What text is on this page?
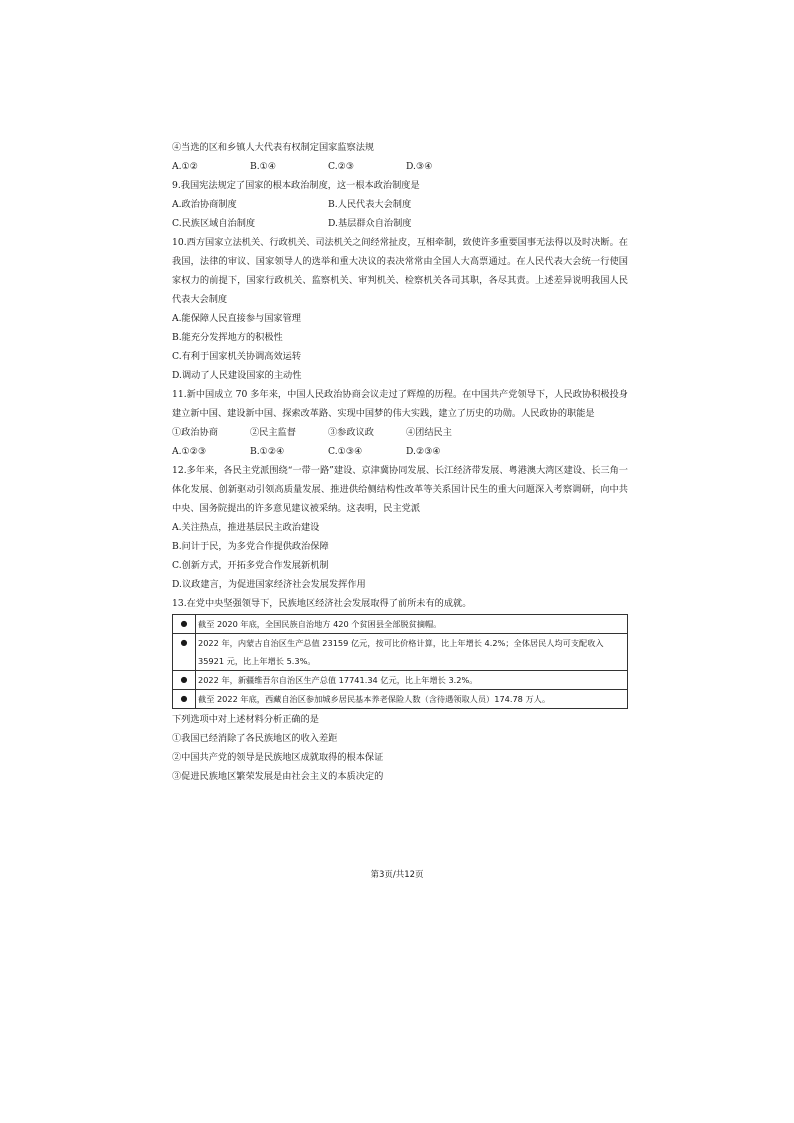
④当选的区和乡镇人大代表有权制定国家监察法规
A.①②	B.①④	C.②③	D.③④
9.我国宪法规定了国家的根本政治制度，这一根本政治制度是
A.政治协商制度	B.人民代表大会制度
C.民族区域自治制度	D.基层群众自治制度
10.西方国家立法机关、行政机关、司法机关之间经常扯皮，互相牵制，致使许多重要国事无法得以及时决断。在我国，法律的审议、国家领导人的选举和重大决议的表决常常由全国人大高票通过。在人民代表大会统一行使国家权力的前提下，国家行政机关、监察机关、审判机关、检察机关各司其职，各尽其责。上述差异说明我国人民代表大会制度
A.能保障人民直接参与国家管理
B.能充分发挥地方的积极性
C.有利于国家机关协调高效运转
D.调动了人民建设国家的主动性
11.新中国成立 70 多年来，中国人民政治协商会议走过了辉煌的历程。在中国共产党领导下，人民政协积极投身建立新中国、建设新中国、探索改革路、实现中国梦的伟大实践，建立了历史的功勋。人民政协的职能是
①政治协商	②民主监督	③参政议政	④团结民主
A.①②③	B.①②④	C.①③④	D.②③④
12.多年来，各民主党派围绕“一带一路”建设、京津冀协同发展、长江经济带发展、粤港澳大湾区建设、长三角一体化发展、创新驱动引领高质量发展、推进供给侧结构性改革等关系国计民生的重大问题深入考察调研，向中共中央、国务院提出的许多意见建议被采纳。这表明，民主党派
A.关注热点，推进基层民主政治建设
B.问计于民，为多党合作提供政治保障
C.创新方式，开拓多党合作发展新机制
D.议政建言，为促进国家经济社会发展发挥作用
13.在党中央坚强领导下，民族地区经济社会发展取得了前所未有的成就。
●	截至 2020 年底，全国民族自治地方 420 个贫困县全部脱贫摘帽。
●	2022 年，内蒙古自治区生产总值 23159 亿元，按可比价格计算，比上年增长 4.2%；全体居民人均可支配收入 35921 元，比上年增长 5.3%。
●	2022 年，新疆维吾尔自治区生产总值 17741.34 亿元，比上年增长 3.2%。
●	截至 2022 年底，西藏自治区参加城乡居民基本养老保险人数（含待遇领取人员）174.78 万人。
下列选项中对上述材料分析正确的是
①我国已经消除了各民族地区的收入差距
②中国共产党的领导是民族地区成就取得的根本保证
③促进民族地区繁荣发展是由社会主义的本质决定的
第3页/共12页
